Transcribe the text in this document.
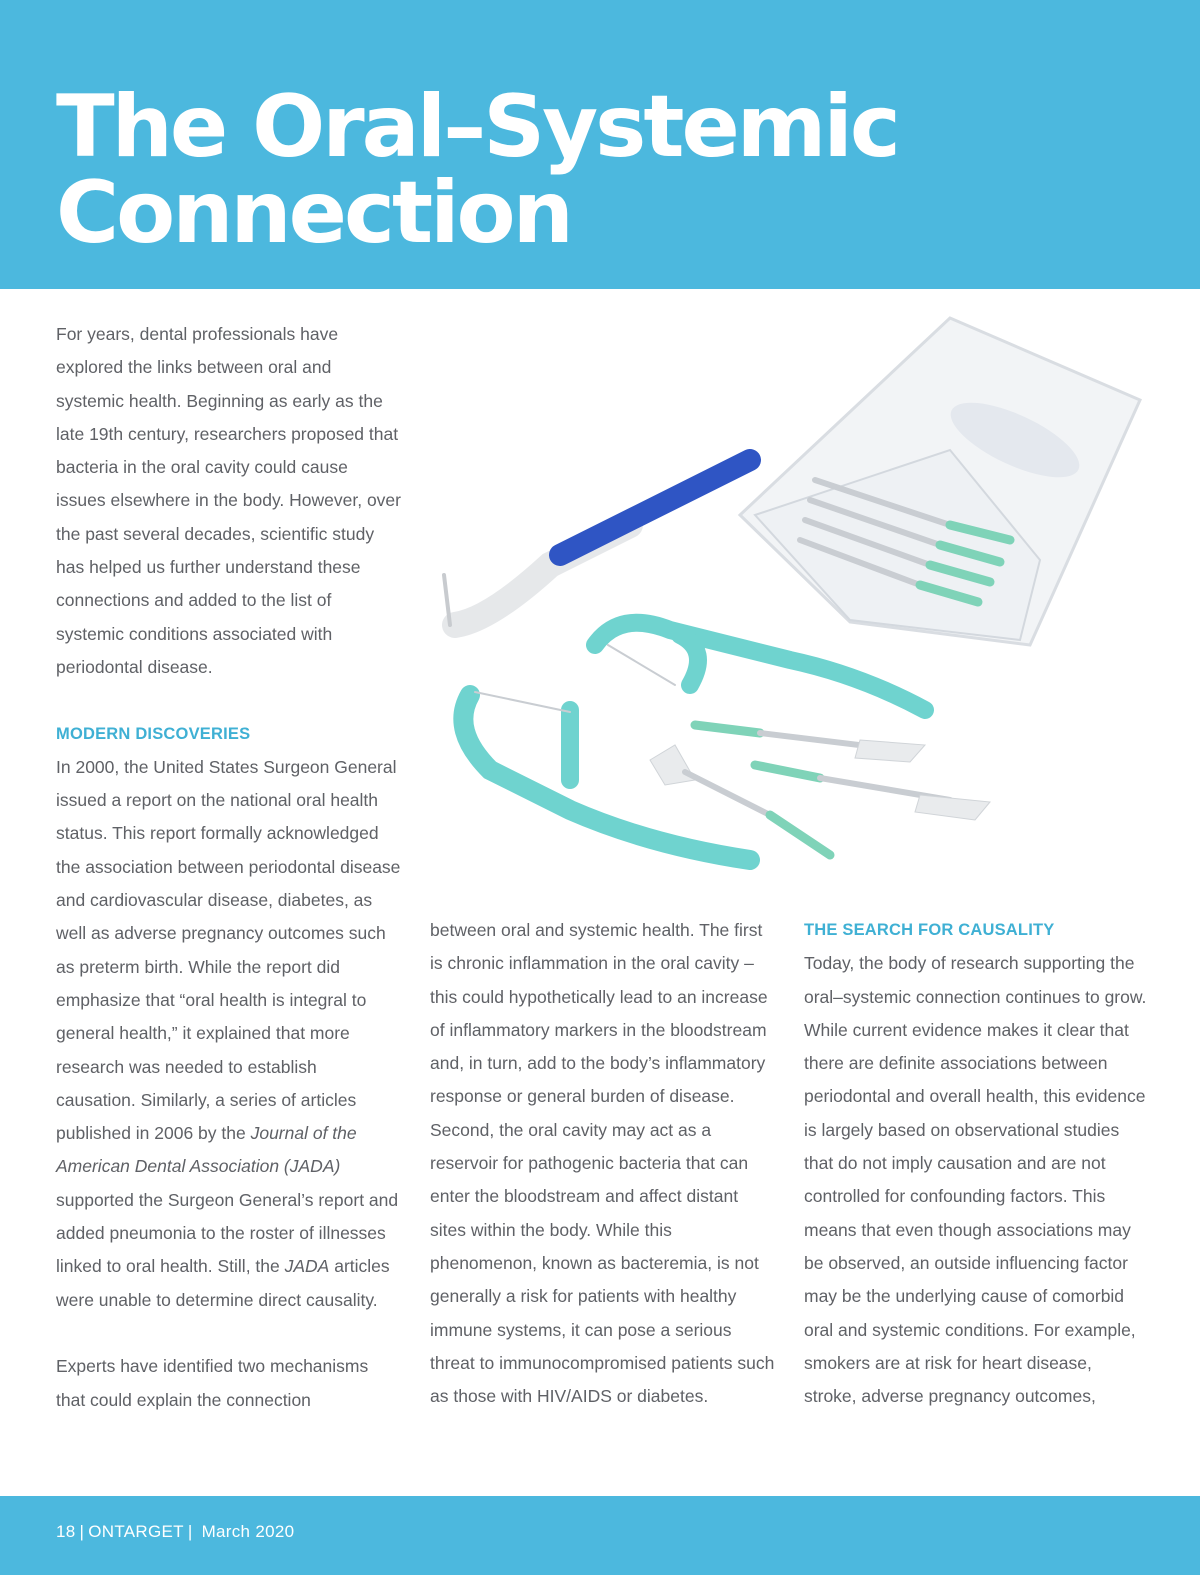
The Oral–Systemic
Connection

For years, dental professionals have explored the links between oral and systemic health. Beginning as early as the late 19th century, researchers proposed that bacteria in the oral cavity could cause issues elsewhere in the body. However, over the past several decades, scientific study has helped us further understand these connections and added to the list of systemic conditions associated with periodontal disease.

MODERN DISCOVERIES

In 2000, the United States Surgeon General issued a report on the national oral health status. This report formally acknowledged the association between periodontal disease and cardiovascular disease, diabetes, as well as adverse pregnancy outcomes such as preterm birth. While the report did emphasize that “oral health is integral to general health,” it explained that more research was needed to establish causation. Similarly, a series of articles published in 2006 by the Journal of the American Dental Association (JADA) supported the Surgeon General’s report and added pneumonia to the roster of illnesses linked to oral health. Still, the JADA articles were unable to determine direct causality.

Experts have identified two mechanisms that could explain the connection

between oral and systemic health. The first is chronic inflammation in the oral cavity – this could hypothetically lead to an increase of inflammatory markers in the bloodstream and, in turn, add to the body’s inflammatory response or general burden of disease. Second, the oral cavity may act as a reservoir for pathogenic bacteria that can enter the bloodstream and affect distant sites within the body. While this phenomenon, known as bacteremia, is not generally a risk for patients with healthy immune systems, it can pose a serious threat to immunocompromised patients such as those with HIV/AIDS or diabetes.

THE SEARCH FOR CAUSALITY

Today, the body of research supporting the oral–systemic connection continues to grow. While current evidence makes it clear that there are definite associations between periodontal and overall health, this evidence is largely based on observational studies that do not imply causation and are not controlled for confounding factors. This means that even though associations may be observed, an outside influencing factor may be the underlying cause of comorbid oral and systemic conditions. For example, smokers are at risk for heart disease, stroke, adverse pregnancy outcomes,

18 | ONTARGET | March 2020
